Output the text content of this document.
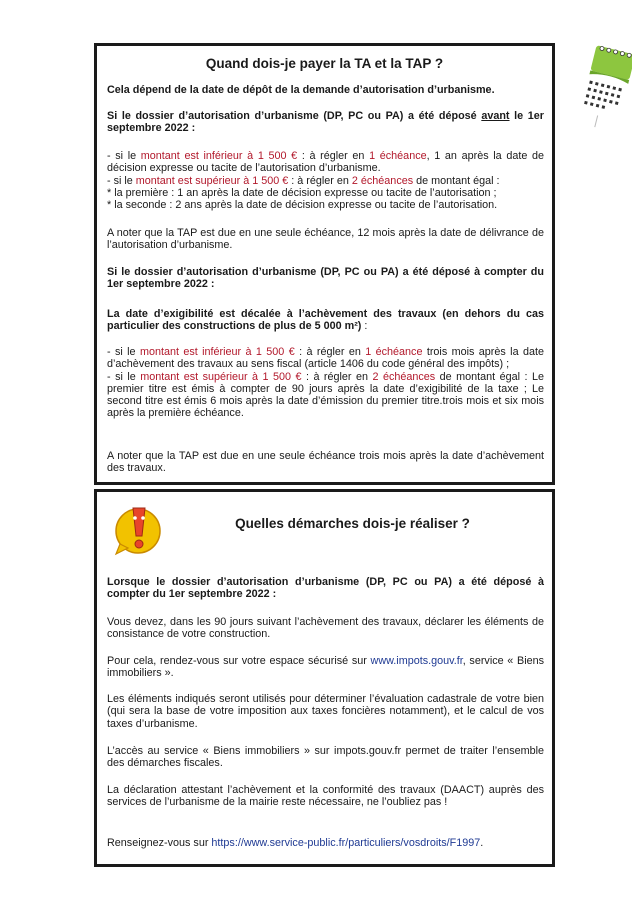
Quand dois-je payer la TA et la TAP ?
Cela dépend de la date de dépôt de la demande d’autorisation d’urbanisme.
Si le dossier d’autorisation d’urbanisme (DP, PC ou PA) a été déposé avant le 1er septembre 2022 :
- si le montant est inférieur à 1 500 € : à régler en 1 échéance, 1 an après la date de décision expresse ou tacite de l’autorisation d’urbanisme.
- si le montant est supérieur à 1 500 € : à régler en 2 échéances de montant égal :
* la première : 1 an après la date de décision expresse ou tacite de l’autorisation ;
* la seconde : 2 ans après la date de décision expresse ou tacite de l’autorisation.
A noter que la TAP est due en une seule échéance, 12 mois après la date de délivrance de l’autorisation d’urbanisme.
Si le dossier d’autorisation d’urbanisme (DP, PC ou PA) a été déposé à compter du 1er septembre 2022 :
La date d’exigibilité est décalée à l’achèvement des travaux (en dehors du cas particulier des constructions de plus de 5 000 m²) :
- si le montant est inférieur à 1 500 € : à régler en 1 échéance trois mois après la date d’achèvement des travaux au sens fiscal (article 1406 du code général des impôts) ;
- si le montant est supérieur à 1 500 € : à régler en 2 échéances de montant égal : Le premier titre est émis à compter de 90 jours après la date d’exigibilité de la taxe ; Le second titre est émis 6 mois après la date d’émission du premier titre.trois mois et six mois après la première échéance.
A noter que la TAP est due en une seule échéance trois mois après la date d’achèvement des travaux.
Quelles démarches dois-je réaliser ?
Lorsque le dossier d’autorisation d’urbanisme (DP, PC ou PA) a été déposé à compter du 1er septembre 2022 :
Vous devez, dans les 90 jours suivant l’achèvement des travaux, déclarer les éléments de consistance de votre construction.
Pour cela, rendez-vous sur votre espace sécurisé sur www.impots.gouv.fr, service « Biens immobiliers ».
Les éléments indiqués seront utilisés pour déterminer l’évaluation cadastrale de votre bien (qui sera la base de votre imposition aux taxes foncières notamment), et le calcul de vos taxes d’urbanisme.
L’accès au service « Biens immobiliers » sur impots.gouv.fr permet de traiter l’ensemble des démarches fiscales.
La déclaration attestant l’achèvement et la conformité des travaux (DAACT) auprès des services de l’urbanisme de la mairie reste nécessaire, ne l’oubliez pas !
Renseignez-vous sur https://www.service-public.fr/particuliers/vosdroits/F1997.
